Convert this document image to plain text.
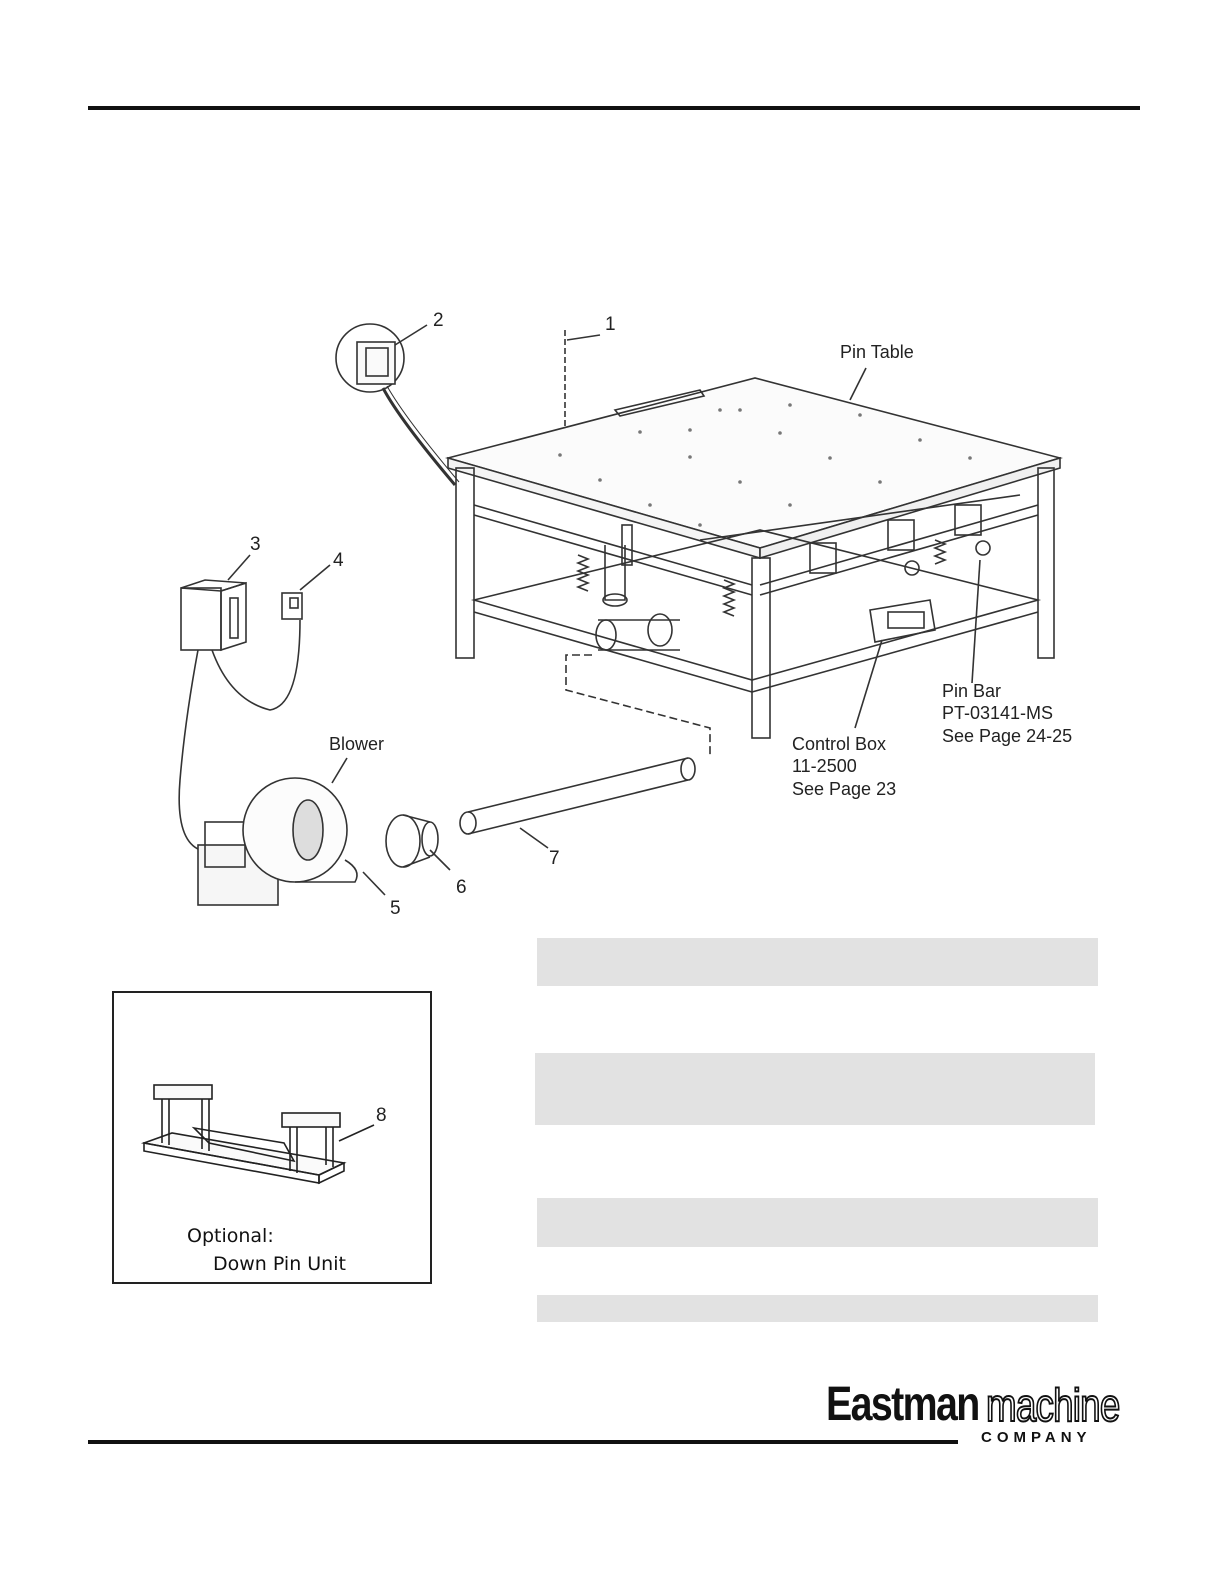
1
2
3
4
5
6
7
Pin Table
Blower	Control Box
11-2500
See Page 23
Pin Bar
PT-03141-MS
See Page 24-25
8
Optional:
Down Pin Unit
Eastman machine
COMPANY
